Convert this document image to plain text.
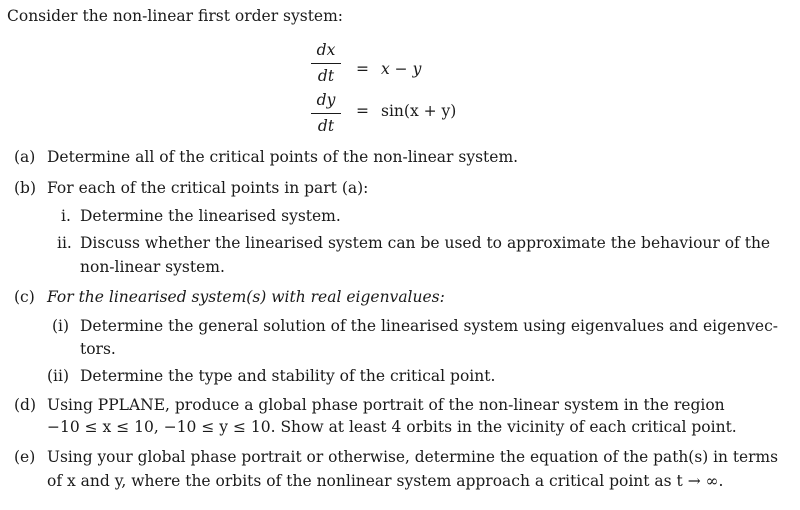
Consider the non-linear first order system:
dx
dt	= x − y
dy
dt
= sin(x + y)
(a) Determine all of the critical points of the non-linear system.
(b) For each of the critical points in part (a):
i. Determine the linearised system.
ii. Discuss whether the linearised system can be used to approximate the behaviour of the
non-linear system.
(c) For the linearised system(s) with real eigenvalues:
(i) Determine the general solution of the linearised system using eigenvalues and eigenvec-
tors.
(ii) Determine the type and stability of the critical point.
(d) Using PPLANE, produce a global phase portrait of the non-linear system in the region
−10 ≤ x ≤ 10, −10 ≤ y ≤ 10. Show at least 4 orbits in the vicinity of each critical point.
(e) Using your global phase portrait or otherwise, determine the equation of the path(s) in terms
of x and y, where the orbits of the nonlinear system approach a critical point as t → ∞.
